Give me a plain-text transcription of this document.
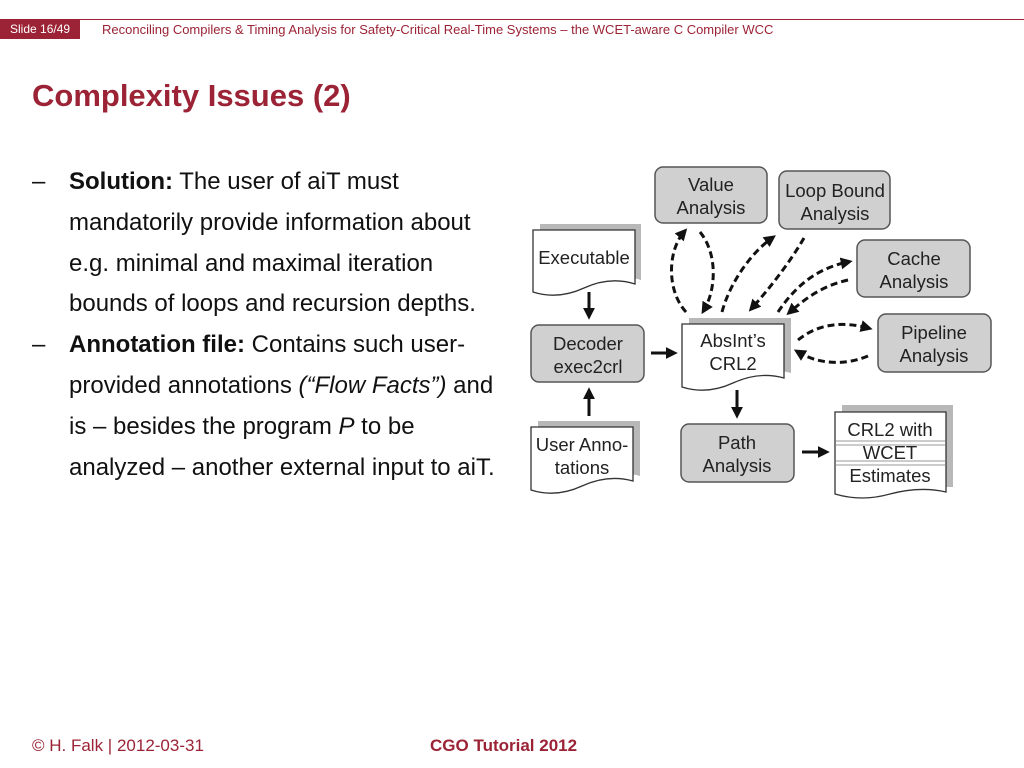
Slide 16/49	Reconciling Compilers & Timing Analysis for Safety-Critical Real-Time Systems – the WCET-aware C Compiler WCC
Complexity Issues (2)
– Solution: The user of aiT must mandatorily provide information about e.g. minimal and maximal iteration bounds of loops and recursion depths.
– Annotation file: Contains such user-provided annotations (“Flow Facts”) and is – besides the program P to be analyzed – another external input to aiT.
Value
Analysis
Loop Bound
Analysis
Cache
Analysis
Pipeline
Analysis
Executable
Decoder
exec2crl
AbsInt’s
CRL2
User Anno-
tations
Path
Analysis
CRL2 with
WCET
Estimates
© H. Falk | 2012-03-31	CGO Tutorial 2012
